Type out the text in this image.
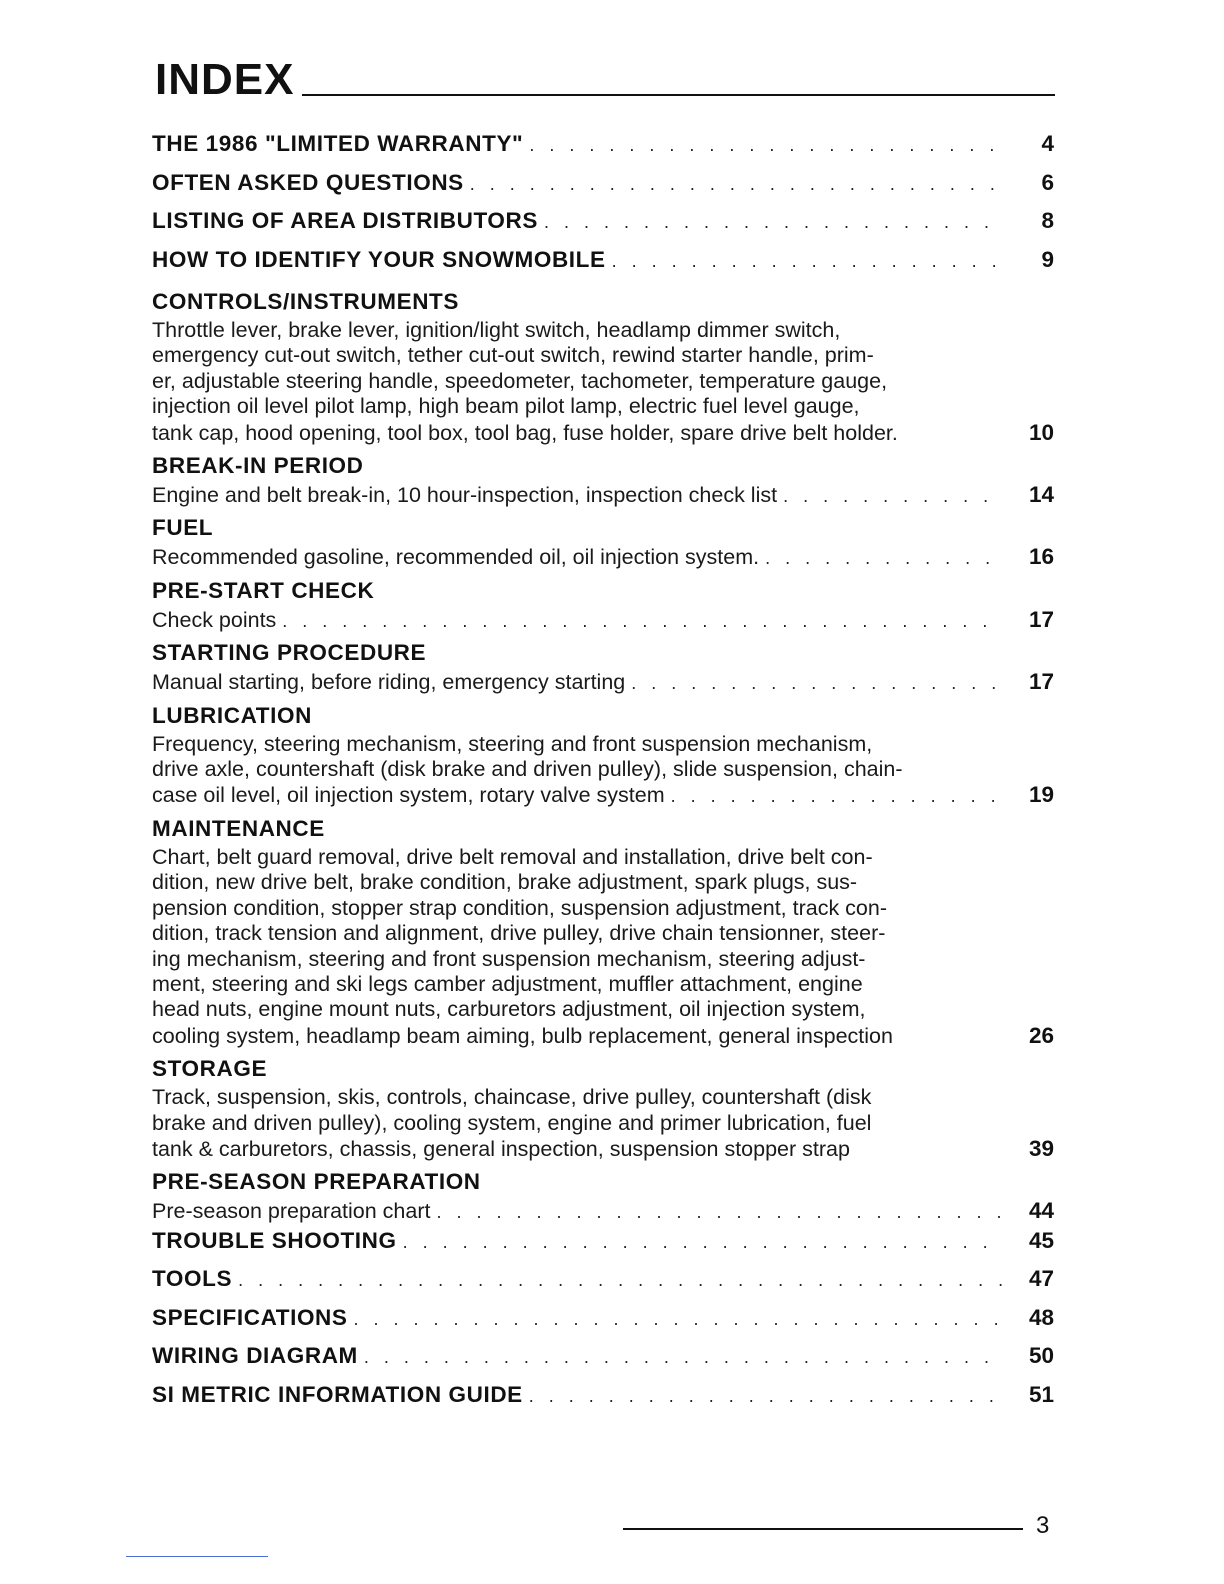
INDEX
THE 1986 "LIMITED WARRANTY" . . .	4
OFTEN ASKED QUESTIONS . . .	6
LISTING OF AREA DISTRIBUTORS . . .	8
HOW TO IDENTIFY YOUR SNOWMOBILE . . .	9
CONTROLS/INSTRUMENTS
Throttle lever, brake lever, ignition/light switch, headlamp dimmer switch,
emergency cut-out switch, tether cut-out switch, rewind starter handle, prim-
er, adjustable steering handle, speedometer, tachometer, temperature gauge,
injection oil level pilot lamp, high beam pilot lamp, electric fuel level gauge,
tank cap, hood opening, tool box, tool bag, fuse holder, spare drive belt holder.	10
BREAK-IN PERIOD
Engine and belt break-in, 10 hour-inspection, inspection check list . . .	14
FUEL
Recommended gasoline, recommended oil, oil injection system. . . .	16
PRE-START CHECK
Check points . . .	17
STARTING PROCEDURE
Manual starting, before riding, emergency starting . . .	17
LUBRICATION
Frequency, steering mechanism, steering and front suspension mechanism,
drive axle, countershaft (disk brake and driven pulley), slide suspension, chain-
case oil level, oil injection system, rotary valve system . . .	19
MAINTENANCE
Chart, belt guard removal, drive belt removal and installation, drive belt con-
dition, new drive belt, brake condition, brake adjustment, spark plugs, sus-
pension condition, stopper strap condition, suspension adjustment, track con-
dition, track tension and alignment, drive pulley, drive chain tensionner, steer-
ing mechanism, steering and front suspension mechanism, steering adjust-
ment, steering and ski legs camber adjustment, muffler attachment, engine
head nuts, engine mount nuts, carburetors adjustment, oil injection system,
cooling system, headlamp beam aiming, bulb replacement, general inspection	26
STORAGE
Track, suspension, skis, controls, chaincase, drive pulley, countershaft (disk
brake and driven pulley), cooling system, engine and primer lubrication, fuel
tank & carburetors, chassis, general inspection, suspension stopper strap	39
PRE-SEASON PREPARATION
Pre-season preparation chart . . .	44
TROUBLE SHOOTING . . .	45
TOOLS . . .	47
SPECIFICATIONS . . .	48
WIRING DIAGRAM . . .	50
SI METRIC INFORMATION GUIDE . . .	51
3
